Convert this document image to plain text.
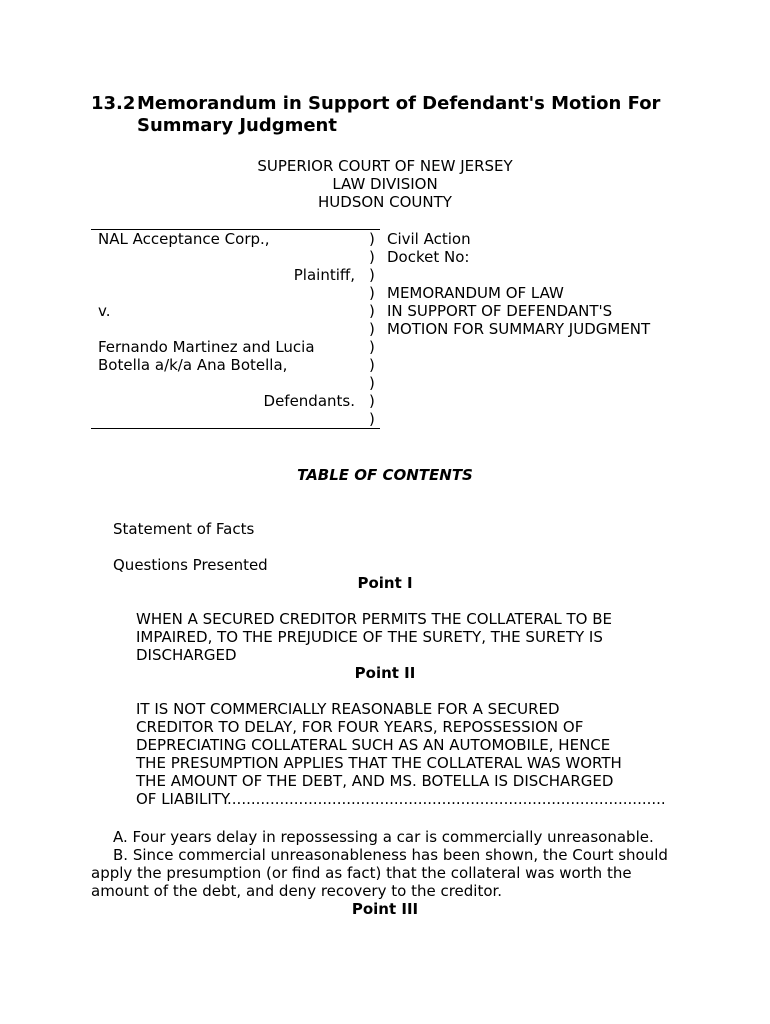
13.2 Memorandum in Support of Defendant's Motion For
Summary Judgment
SUPERIOR COURT OF NEW JERSEY
LAW DIVISION
HUDSON COUNTY
NAL Acceptance Corp.,
Plaintiff,
v.
Fernando Martinez and Lucia
Botella a/k/a Ana Botella,
Defendants.
)
)
)
)
)
)
)
)
)
)
)
Civil Action
Docket No:
MEMORANDUM OF LAW
IN SUPPORT OF DEFENDANT'S
MOTION FOR SUMMARY JUDGMENT
TABLE OF CONTENTS
Statement of Facts
Questions Presented
Point I
WHEN A SECURED CREDITOR PERMITS THE COLLATERAL TO BE
IMPAIRED, TO THE PREJUDICE OF THE SURETY, THE SURETY IS
DISCHARGED
Point II
IT IS NOT COMMERCIALLY REASONABLE FOR A SECURED
CREDITOR TO DELAY, FOR FOUR YEARS, REPOSSESSION OF
DEPRECIATING COLLATERAL SUCH AS AN AUTOMOBILE, HENCE
THE PRESUMPTION APPLIES THAT THE COLLATERAL WAS WORTH
THE AMOUNT OF THE DEBT, AND MS. BOTELLA IS DISCHARGED
OF LIABILITY............................................................................................
A. Four years delay in repossessing a car is commercially unreasonable.
B. Since commercial unreasonableness has been shown, the Court should
apply the presumption (or find as fact) that the collateral was worth the
amount of the debt, and deny recovery to the creditor.
Point III
